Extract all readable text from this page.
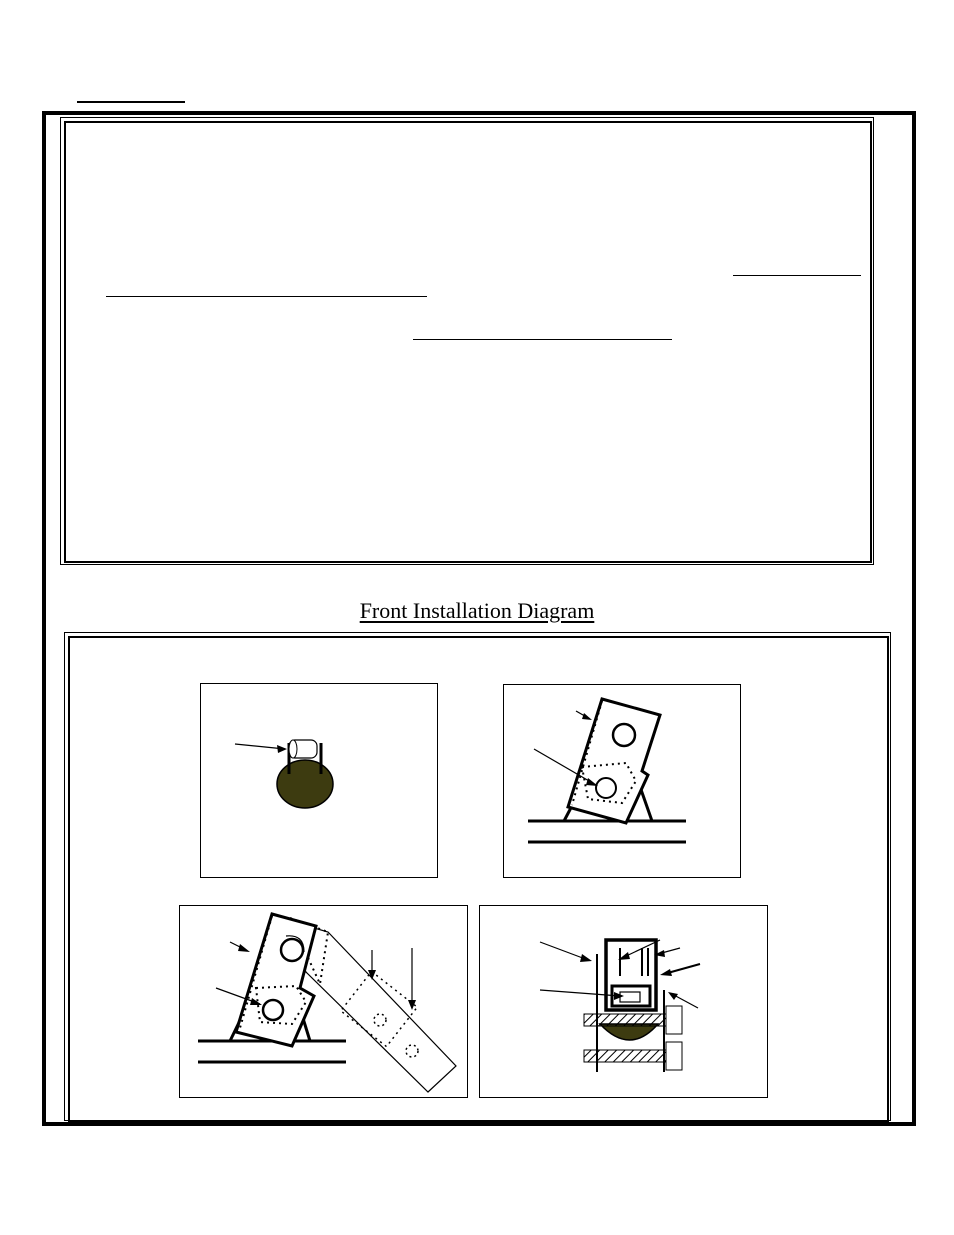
Front Installation Diagram
